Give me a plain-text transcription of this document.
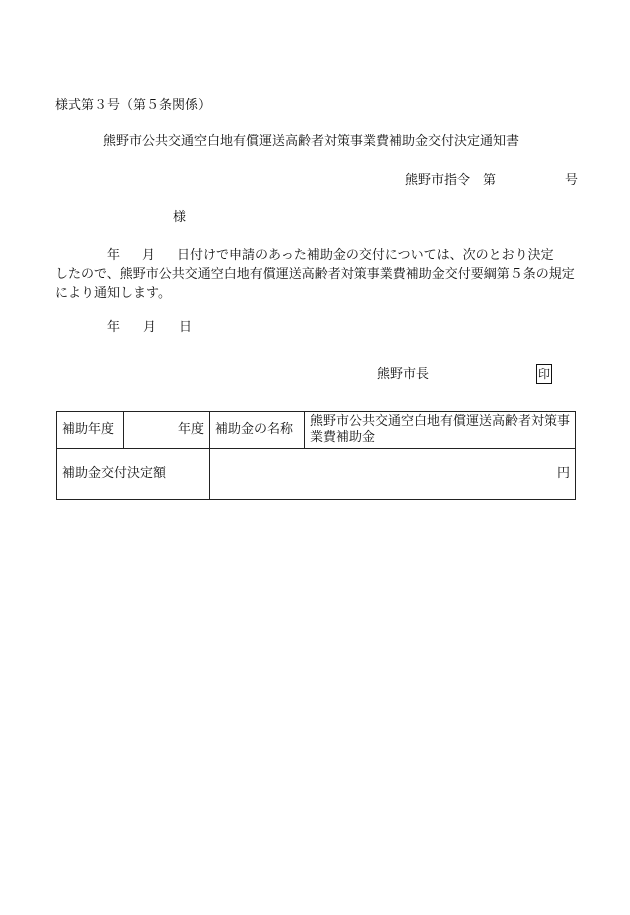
様式第３号（第５条関係）
熊野市公共交通空白地有償運送高齢者対策事業費補助金交付決定通知書
熊野市指令 第	号
様
年 月 日付けで申請のあった補助金の交付については、次のとおり決定
したので、熊野市公共交通空白地有償運送高齢者対策事業費補助金交付要綱第５条の規定により通知します。
年 月 日
熊野市長	印
補助年度	年度	補助金の名称	熊野市公共交通空白地有償運送高齢者対策事業費補助金
補助金交付決定額		円	
